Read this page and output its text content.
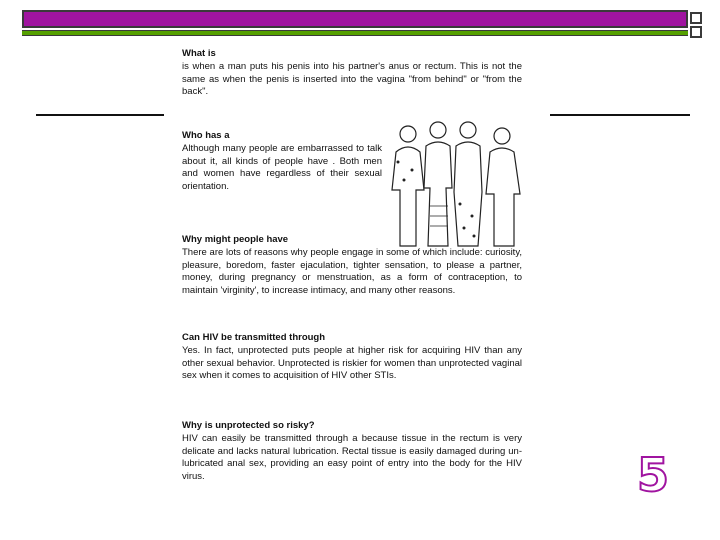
What is

is when a man puts his penis into his partner's anus or rectum. This is not the same as when the penis is inserted into the vagina "from behind" or "from the back".

Who has a

Although many people are embarrassed to talk about it, all kinds of people have . Both men and women have regardless of their sexual orientation.

Why might people have

There are lots of reasons why people engage in some of which include: curiosity, pleasure, boredom, faster ejaculation, tighter sensation, to please a partner, money, during pregnancy or menstruation, as a form of contraception, to maintain 'virginity', to increase intimacy, and many other reasons.

Can HIV be transmitted through

Yes. In fact, unprotected puts people at higher risk for acquiring HIV than any other sexual behavior. Unprotected is riskier for women than unprotected vaginal sex when it comes to acquisition of HIV other STIs.

Why is unprotected so risky?

HIV can easily be transmitted through a because tissue in the rectum is very delicate and lacks natural lubrication. Rectal tissue is easily damaged during un-lubricated anal sex, providing an easy point of entry into the body for the HIV virus.	5
